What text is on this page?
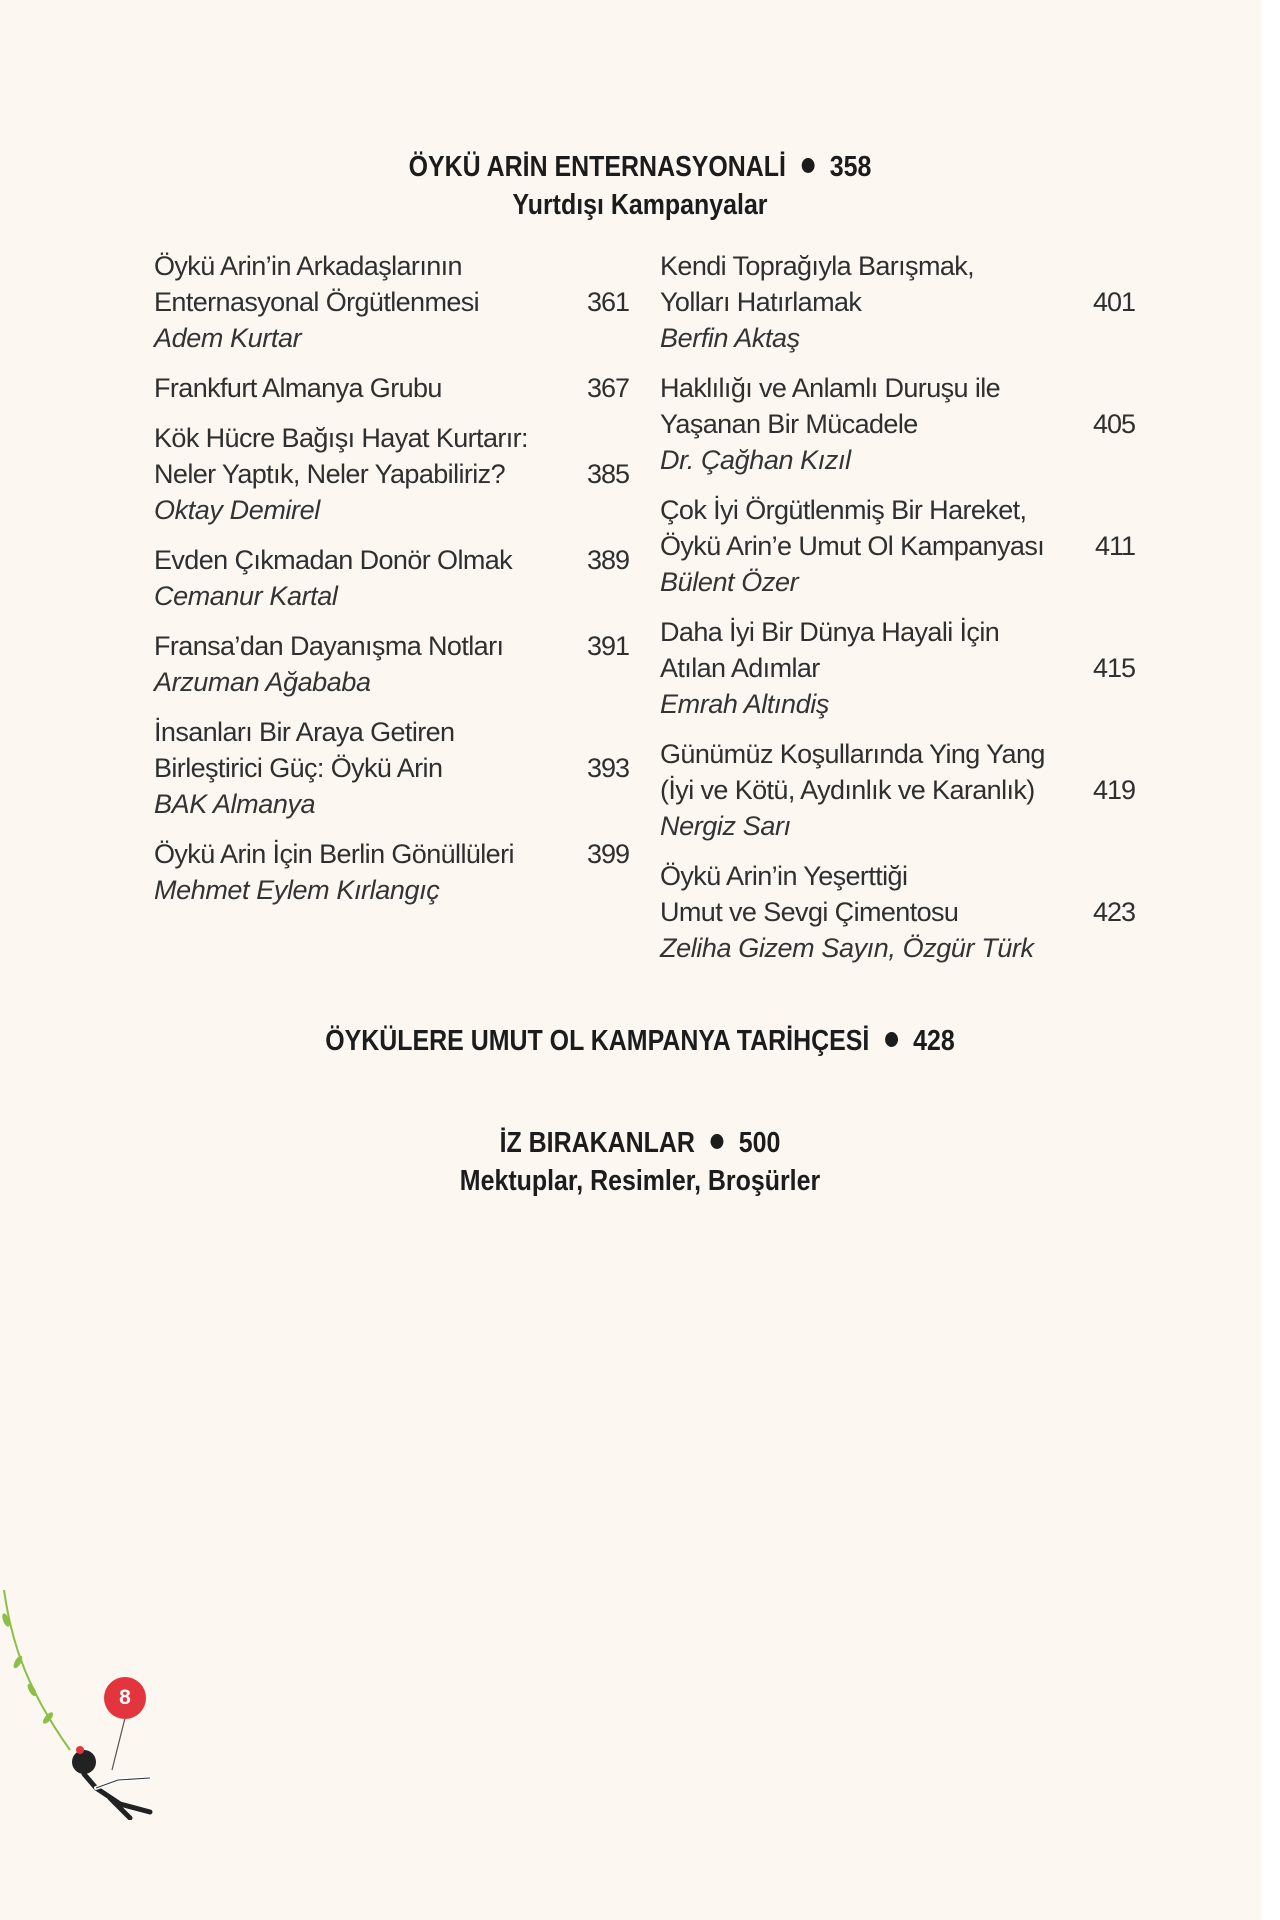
ÖYKÜ ARİN ENTERNASYONALİ 358
Yurtdışı Kampanyalar
Öykü Arin’in Arkadaşlarının
Enternasyonal Örgütlenmesi	361
Adem Kurtar
Frankfurt Almanya Grubu	367
Kök Hücre Bağışı Hayat Kurtarır:
Neler Yaptık, Neler Yapabiliriz?	385
Oktay Demirel
Evden Çıkmadan Donör Olmak	389
Cemanur Kartal
Fransa’dan Dayanışma Notları	391
Arzuman Ağababa
İnsanları Bir Araya Getiren
Birleştirici Güç: Öykü Arin	393
BAK Almanya
Öykü Arin İçin Berlin Gönüllüleri	399
Mehmet Eylem Kırlangıç
Kendi Toprağıyla Barışmak,
Yolları Hatırlamak	401
Berfin Aktaş
Haklılığı ve Anlamlı Duruşu ile
Yaşanan Bir Mücadele	405
Dr. Çağhan Kızıl
Çok İyi Örgütlenmiş Bir Hareket,
Öykü Arin’e Umut Ol Kampanyası 411
Bülent Özer
Daha İyi Bir Dünya Hayali İçin
Atılan Adımlar	415
Emrah Altındiş
Günümüz Koşullarında Ying Yang
(İyi ve Kötü, Aydınlık ve Karanlık) 419
Nergiz Sarı
Öykü Arin’in Yeşerttiği
Umut ve Sevgi Çimentosu	423
Zeliha Gizem Sayın, Özgür Türk
ÖYKÜLERE UMUT OL KAMPANYA TARİHÇESİ 428
İZ BIRAKANLAR 500
Mektuplar, Resimler, Broşürler
8
